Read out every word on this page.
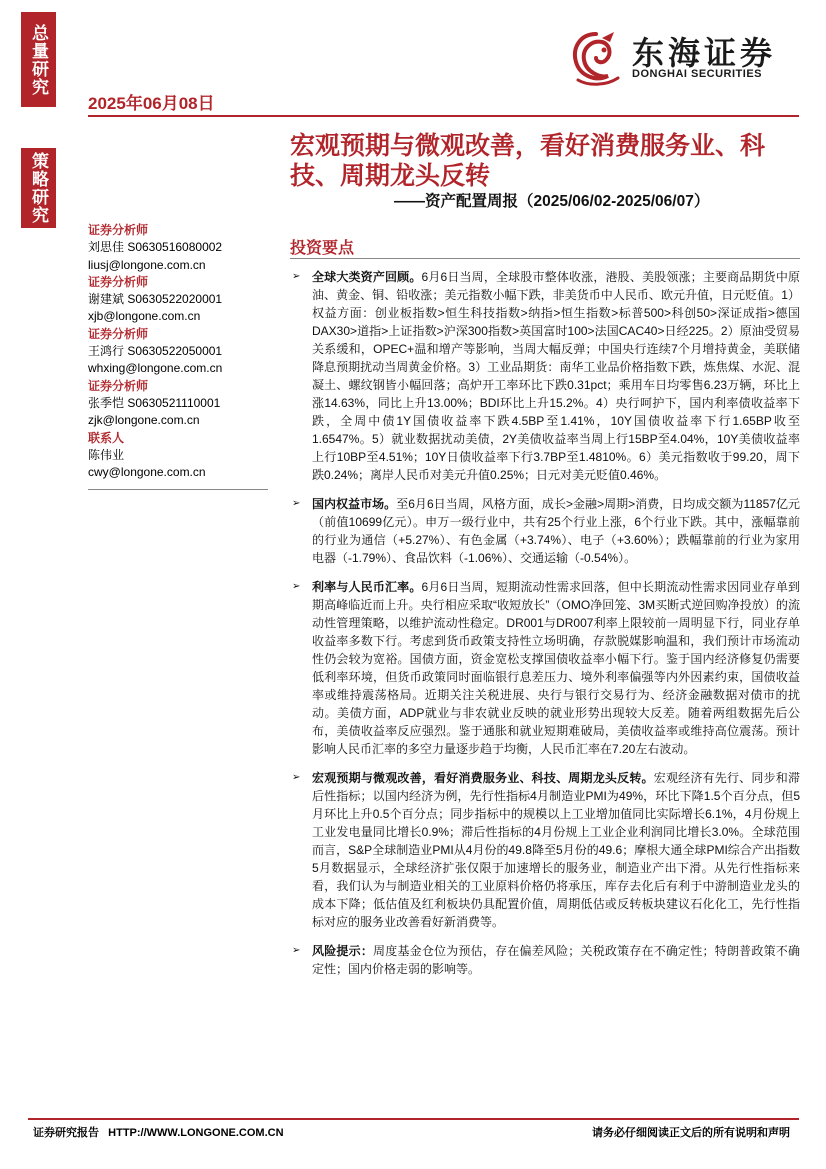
总量研究
策略研究
2025年06月08日
东海证券
DONGHAI SECURITIES
宏观预期与微观改善，看好消费服务业、科技、周期龙头反转
——资产配置周报（2025/06/02-2025/06/07）
证券分析师
刘思佳 S0630516080002
liusj@longone.com.cn
证券分析师
谢建斌 S0630522020001
xjb@longone.com.cn
证券分析师
王鸿行 S0630522050001
whxing@longone.com.cn
证券分析师
张季恺 S0630521110001
zjk@longone.com.cn
联系人
陈伟业
cwy@longone.com.cn
投资要点
➢ 全球大类资产回顾。6月6日当周，全球股市整体收涨，港股、美股领涨；主要商品期货中原油、黄金、铜、铅收涨；美元指数小幅下跌，非美货币中人民币、欧元升值，日元贬值。1）权益方面：创业板指数>恒生科技指数>纳指>恒生指数>标普500>科创50>深证成指>德国DAX30>道指>上证指数>沪深300指数>英国富时100>法国CAC40>日经225。2）原油受贸易关系缓和，OPEC+温和增产等影响，当周大幅反弹；中国央行连续7个月增持黄金，美联储降息预期扰动当周黄金价格。3）工业品期货：南华工业品价格指数下跌，炼焦煤、水泥、混凝土、螺纹钢皆小幅回落；高炉开工率环比下跌0.31pct；乘用车日均零售6.23万辆，环比上涨14.63%，同比上升13.00%；BDI环比上升15.2%。4）央行呵护下，国内利率债收益率下跌，全周中债1Y国债收益率下跌4.5BP至1.41%，10Y国债收益率下行1.65BP收至1.6547%。5）就业数据扰动美债，2Y美债收益率当周上行15BP至4.04%，10Y美债收益率上行10BP至4.51%；10Y日债收益率下行3.7BP至1.4810%。6）美元指数收于99.20，周下跌0.24%；离岸人民币对美元升值0.25%；日元对美元贬值0.46%。
➢ 国内权益市场。至6月6日当周，风格方面，成长>金融>周期>消费，日均成交额为11857亿元（前值10699亿元）。申万一级行业中，共有25个行业上涨，6个行业下跌。其中，涨幅靠前的行业为通信（+5.27%）、有色金属（+3.74%）、电子（+3.60%）；跌幅靠前的行业为家用电器（-1.79%）、食品饮料（-1.06%）、交通运输（-0.54%）。
➢ 利率与人民币汇率。6月6日当周，短期流动性需求回落，但中长期流动性需求因同业存单到期高峰临近而上升。央行相应采取“收短放长”（OMO净回笼、3M买断式逆回购净投放）的流动性管理策略，以维护流动性稳定。DR001与DR007利率上限较前一周明显下行，同业存单收益率多数下行。考虑到货币政策支持性立场明确，存款脱媒影响温和，我们预计市场流动性仍会较为宽裕。国债方面，资金宽松支撑国债收益率小幅下行。鉴于国内经济修复仍需要低利率环境，但货币政策同时面临银行息差压力、境外利率偏强等内外因素约束，国债收益率或维持震荡格局。近期关注关税进展、央行与银行交易行为、经济金融数据对债市的扰动。美债方面，ADP就业与非农就业反映的就业形势出现较大反差。随着两组数据先后公布，美债收益率反应强烈。鉴于通胀和就业短期难破局，美债收益率或维持高位震荡。预计影响人民币汇率的多空力量逐步趋于均衡，人民币汇率在7.20左右波动。
➢ 宏观预期与微观改善，看好消费服务业、科技、周期龙头反转。宏观经济有先行、同步和滞后性指标；以国内经济为例，先行性指标4月制造业PMI为49%，环比下降1.5个百分点，但5月环比上升0.5个百分点；同步指标中的规模以上工业增加值同比实际增长6.1%，4月份规上工业发电量同比增长0.9%；滞后性指标的4月份规上工业企业利润同比增长3.0%。全球范围而言，S&P全球制造业PMI从4月份的49.8降至5月份的49.6；摩根大通全球PMI综合产出指数5月数据显示，全球经济扩张仅限于加速增长的服务业，制造业产出下滑。从先行性指标来看，我们认为与制造业相关的工业原料价格仍将承压，库存去化后有利于中游制造业龙头的成本下降；低估值及红利板块仍具配置价值，周期低估或反转板块建议石化化工，先行性指标对应的服务业改善看好新消费等。
➢ 风险提示：周度基金仓位为预估，存在偏差风险；关税政策存在不确定性；特朗普政策不确定性；国内价格走弱的影响等。
证券研究报告   HTTP://WWW.LONGONE.COM.CN	请务必仔细阅读正文后的所有说明和声明
